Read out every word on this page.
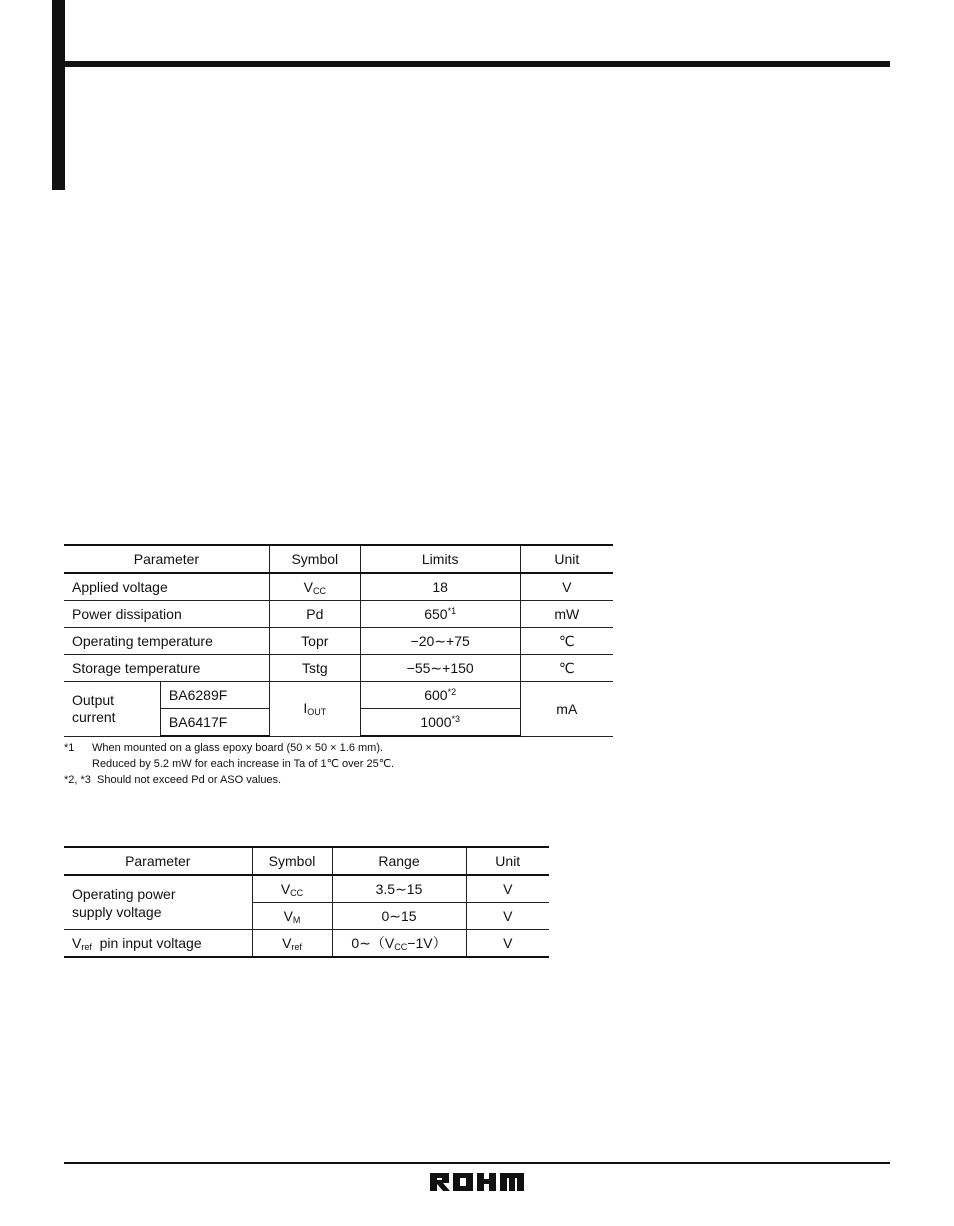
Parameter		Symbol	Limits	Unit
Applied voltage		$V_{CC}$	18	V
Power dissipation		Pd	650$^{*1}$	mW
Operating temperature		Topr	−20∼+75	℃
Storage temperature		Tstg	−55∼+150	℃
Output current	BA6289F	$I_{OUT}$	600$^{*2}$	mA
	BA6417F		1000$^{*3}$
*1 When mounted on a glass epoxy board (50 × 50 × 1.6 mm).
Reduced by 5.2 mW for each increase in Ta of 1℃ over 25℃.
*2, *3 Should not exceed Pd or ASO values.
Parameter	Symbol	Range	Unit
Operating power supply voltage	$V_{CC}$	3.5∼15	V
	$V_M$	0∼15	V
$V_{ref}$ pin input voltage	$V_{ref}$	$0\sim(V_{CC}-1V)$	V
